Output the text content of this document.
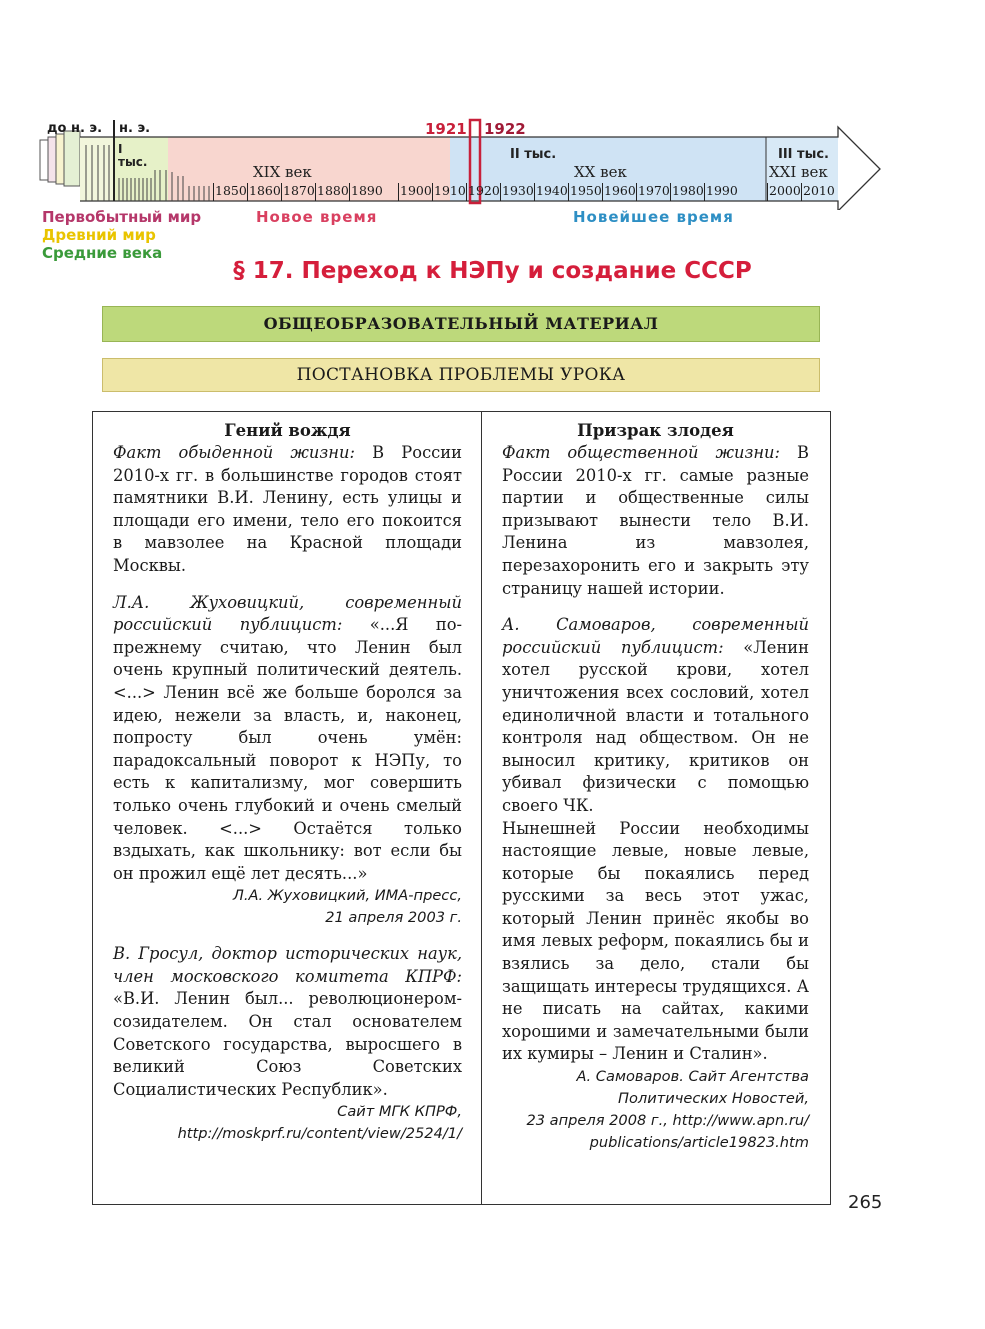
до н. э. н. э.
I тыс.
1921 1922
XIX век
II тыс.
XX век
III тыс.
XXI век
1850 1860 1870 1880 1890 1900 1910 1920 1930 1940 1950 1960 1970 1980 1990 2000 2010
Первобытный мир
Древний мир
Средние века
Новое время	Новейшее время
§ 17. Переход к НЭПу и создание СССР
ОБЩЕОБРАЗОВАТЕЛЬНЫЙ МАТЕРИАЛ
ПОСТАНОВКА ПРОБЛЕМЫ УРОКА
Гений вождя

Факт обыденной жизни: В России 2010-х гг. в большинстве городов стоят памятники В.И. Ленину, есть улицы и площади его имени, тело его покоится в мавзолее на Красной площади Москвы.

Л.А. Жуховицкий, современный российский публицист: «...Я по-прежнему считаю, что Ленин был очень крупный политический деятель. <...> Ленин всё же больше боролся за идею, нежели за власть, и, наконец, попросту был очень умён: парадоксальный поворот к НЭПу, то есть к капитализму, мог совершить только очень глубокий и очень смелый человек. <...> Остаётся только вздыхать, как школьнику: вот если бы он прожил ещё лет десять...»

Л.А. Жуховицкий, ИМА-пресс,
21 апреля 2003 г.

В. Гросул, доктор исторических наук, член московского комитета КПРФ: «В.И. Ленин был... революционером-созидателем. Он стал основателем Советского государства, выросшего в великий Союз Советских Социалистических Республик».

Сайт МГК КПРФ,
http://moskprf.ru/content/view/2524/1/
Призрак злодея

Факт общественной жизни: В России 2010-х гг. самые разные партии и общественные силы призывают вынести тело В.И. Ленина из мавзолея, перезахоронить его и закрыть эту страницу нашей истории.

А. Самоваров, современный российский публицист: «Ленин хотел русской крови, хотел уничтожения всех сословий, хотел единоличной власти и тотального контроля над обществом. Он не выносил критику, критиков он убивал физически с помощью своего ЧК.

Нынешней России необходимы настоящие левые, новые левые, которые бы покаялись перед русскими за весь этот ужас, который Ленин принёс якобы во имя левых реформ, покаялись бы и взялись за дело, стали бы защищать интересы трудящихся. А не писать на сайтах, какими хорошими и замечательными были их кумиры – Ленин и Сталин».

А. Самоваров. Сайт Агентства
Политических Новостей,
23 апреля 2008 г., http://www.apn.ru/
publications/article19823.htm
265
